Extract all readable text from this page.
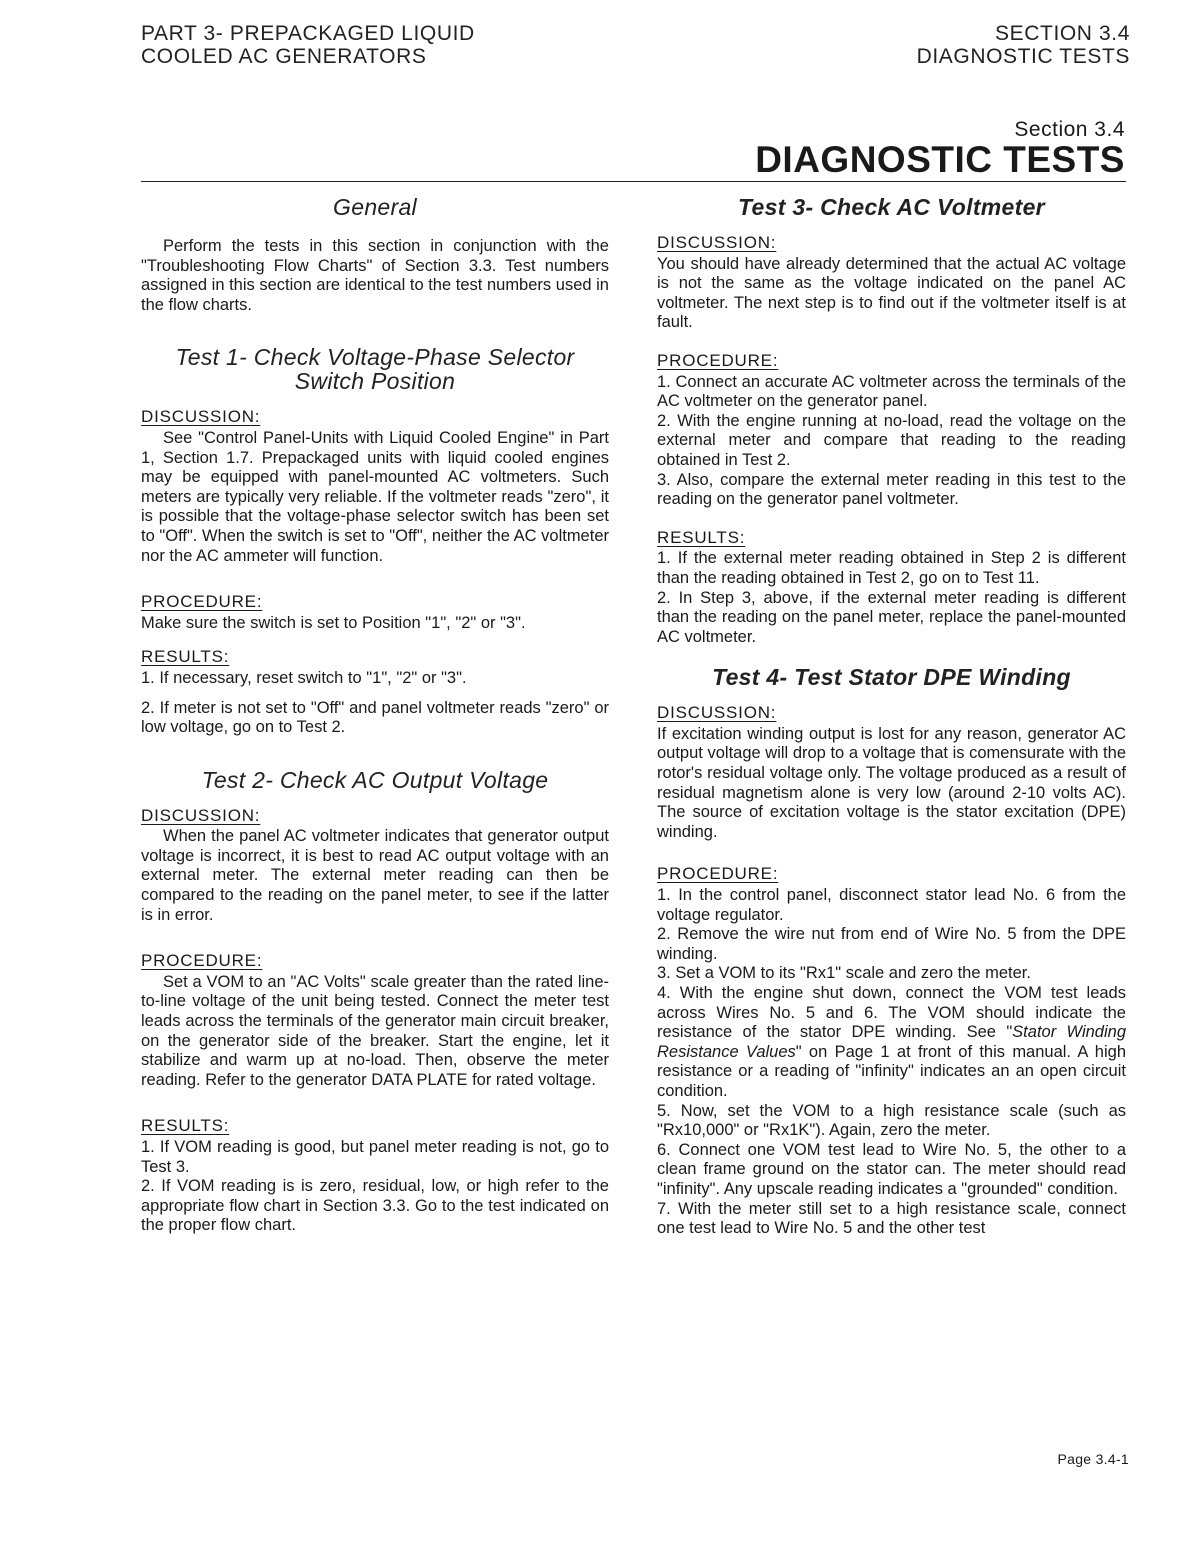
PART 3- PREPACKAGED LIQUID
COOLED AC GENERATORS
SECTION 3.4
DIAGNOSTIC TESTS
Section 3.4
DIAGNOSTIC TESTS
General

Perform the tests in this section in conjunction with the "Troubleshooting Flow Charts" of Section 3.3. Test numbers assigned in this section are identical to the test numbers used in the flow charts.

Test 1- Check Voltage-Phase Selector
Switch Position
DISCUSSION:

See "Control Panel-Units with Liquid Cooled Engine" in Part 1, Section 1.7. Prepackaged units with liquid cooled engines may be equipped with panel-mounted AC voltmeters. Such meters are typically very reliable. If the voltmeter reads "zero", it is possible that the voltage-phase selector switch has been set to "Off". When the switch is set to "Off", neither the AC voltmeter nor the AC ammeter will function.

PROCEDURE:

Make sure the switch is set to Position "1", "2" or "3".

RESULTS:

1. If necessary, reset switch to "1", "2" or "3".

2. If meter is not set to "Off" and panel voltmeter reads "zero" or low voltage, go on to Test 2.

Test 2- Check AC Output Voltage
DISCUSSION:

When the panel AC voltmeter indicates that generator output voltage is incorrect, it is best to read AC output voltage with an external meter. The external meter reading can then be compared to the reading on the panel meter, to see if the latter is in error.

PROCEDURE:

Set a VOM to an "AC Volts" scale greater than the rated line-to-line voltage of the unit being tested. Connect the meter test leads across the terminals of the generator main circuit breaker, on the generator side of the breaker. Start the engine, let it stabilize and warm up at no-load. Then, observe the meter reading. Refer to the generator DATA PLATE for rated voltage.

RESULTS:

1. If VOM reading is good, but panel meter reading is not, go to Test 3.

2. If VOM reading is is zero, residual, low, or high refer to the appropriate flow chart in Section 3.3. Go to the test indicated on the proper flow chart.

Test 3- Check AC Voltmeter
DISCUSSION:

You should have already determined that the actual AC voltage is not the same as the voltage indicated on the panel AC voltmeter. The next step is to find out if the voltmeter itself is at fault.

PROCEDURE:

1. Connect an accurate AC voltmeter across the terminals of the AC voltmeter on the generator panel.

2. With the engine running at no-load, read the voltage on the external meter and compare that reading to the reading obtained in Test 2.

3. Also, compare the external meter reading in this test to the reading on the generator panel voltmeter.

RESULTS:

1. If the external meter reading obtained in Step 2 is different than the reading obtained in Test 2, go on to Test 11.

2. In Step 3, above, if the external meter reading is different than the reading on the panel meter, replace the panel-mounted AC voltmeter.

Test 4- Test Stator DPE Winding
DISCUSSION:

If excitation winding output is lost for any reason, generator AC output voltage will drop to a voltage that is comensurate with the rotor's residual voltage only. The voltage produced as a result of residual magnetism alone is very low (around 2-10 volts AC). The source of excitation voltage is the stator excitation (DPE) winding.

PROCEDURE:

1. In the control panel, disconnect stator lead No. 6 from the voltage regulator.

2. Remove the wire nut from end of Wire No. 5 from the DPE winding.

3. Set a VOM to its "Rx1" scale and zero the meter.

4. With the engine shut down, connect the VOM test leads across Wires No. 5 and 6. The VOM should indicate the resistance of the stator DPE winding. See "Stator Winding Resistance Values" on Page 1 at front of this manual. A high resistance or a reading of "infinity" indicates an an open circuit condition.

5. Now, set the VOM to a high resistance scale (such as "Rx10,000" or "Rx1K"). Again, zero the meter.

6. Connect one VOM test lead to Wire No. 5, the other to a clean frame ground on the stator can. The meter should read "infinity". Any upscale reading indicates a "grounded" condition.

7. With the meter still set to a high resistance scale, connect one test lead to Wire No. 5 and the other test

Page 3.4-1
